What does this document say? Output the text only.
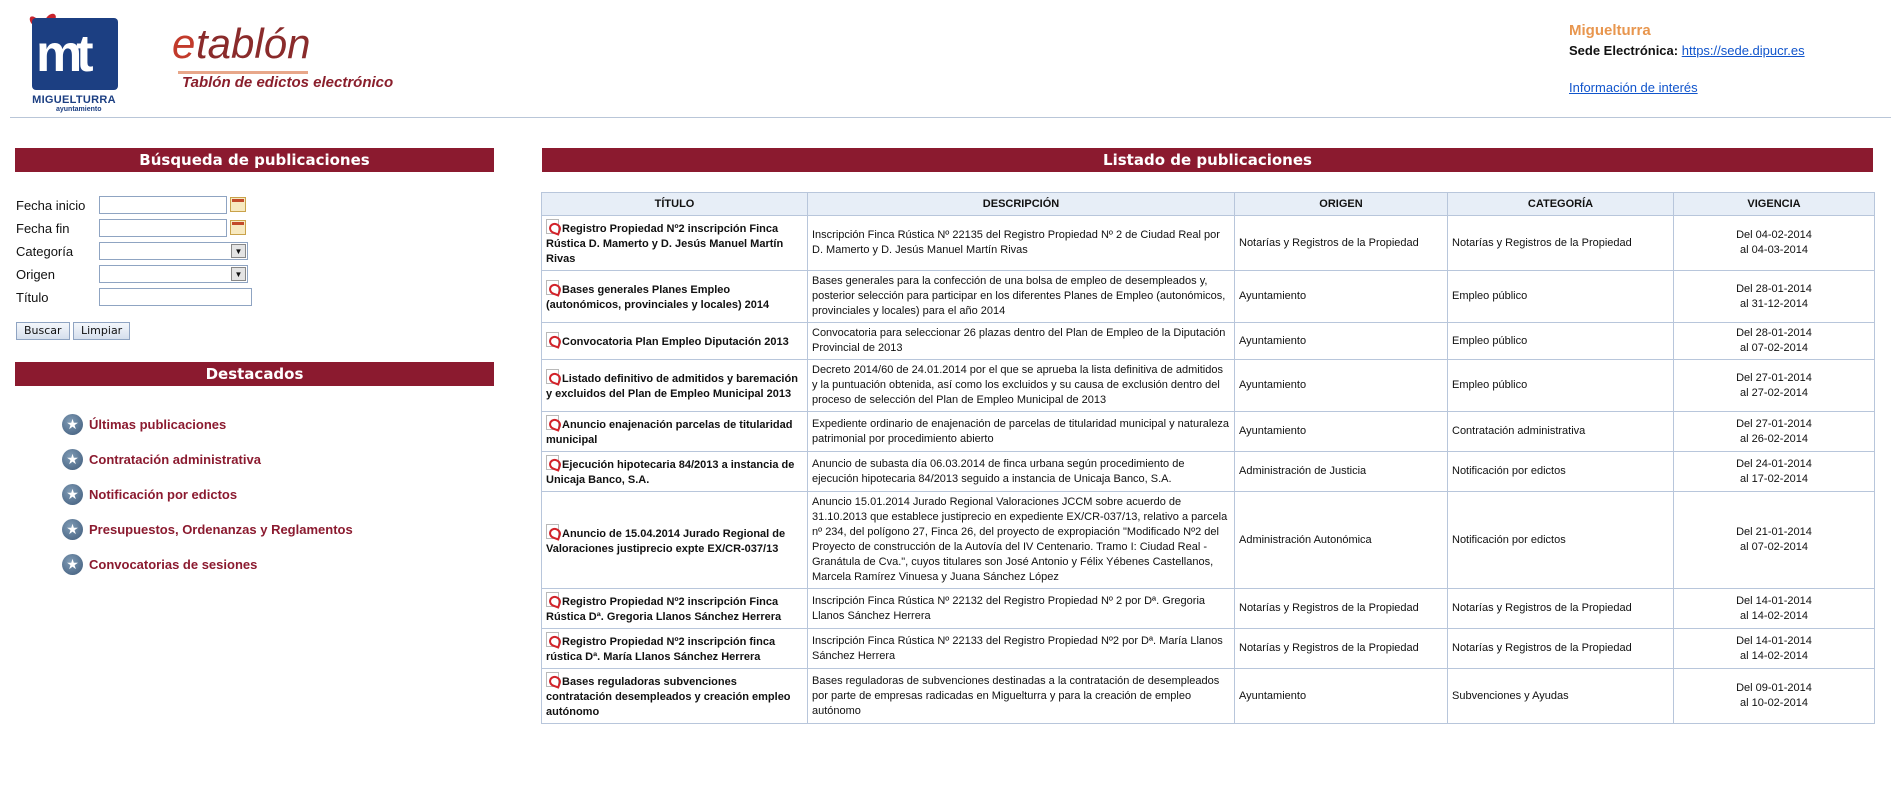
mt
MIGUELTURRA
ayuntamiento
e tablón
Tablón de edictos electrónico
Miguelturra
Sede Electrónica: https://sede.dipucr.es
Información de interés
Búsqueda de publicaciones
Fecha inicio
Fecha fin
Categoría	▼
Origen	▼
Título
Buscar	Limpiar
Destacados
★ Últimas publicaciones
★ Contratación administrativa
★ Notificación por edictos
★ Presupuestos, Ordenanzas y Reglamentos
★ Convocatorias de sesiones
Listado de publicaciones
TÍTULO	DESCRIPCIÓN	ORIGEN	CATEGORÍA	VIGENCIA
Registro Propiedad Nº2 inscripción Finca Rústica D. Mamerto y D. Jesús Manuel Martín Rivas	Inscripción Finca Rústica Nº 22135 del Registro Propiedad Nº 2 de Ciudad Real por D. Mamerto y D. Jesús Manuel Martín Rivas	Notarías y Registros de la Propiedad	Notarías y Registros de la Propiedad	Del 04-02-2014
al 04-03-2014

Bases generales Planes Empleo (autonómicos, provinciales y locales) 2014	Bases generales para la confección de una bolsa de empleo de desempleados y, posterior selección para participar en los diferentes Planes de Empleo (autonómicos, provinciales y locales) para el año 2014	Ayuntamiento	Empleo público	Del 28-01-2014
al 31-12-2014

Convocatoria Plan Empleo Diputación 2013	Convocatoria para seleccionar 26 plazas dentro del Plan de Empleo de la Diputación Provincial de 2013	Ayuntamiento	Empleo público	Del 28-01-2014
al 07-02-2014

Listado definitivo de admitidos y baremación y excluidos del Plan de Empleo Municipal 2013	Decreto 2014/60 de 24.01.2014 por el que se aprueba la lista definitiva de admitidos y la puntuación obtenida, así como los excluidos y su causa de exclusión dentro del proceso de selección del Plan de Empleo Municipal de 2013	Ayuntamiento	Empleo público	Del 27-01-2014
al 27-02-2014

Anuncio enajenación parcelas de titularidad municipal	Expediente ordinario de enajenación de parcelas de titularidad municipal y naturaleza patrimonial por procedimiento abierto	Ayuntamiento	Contratación administrativa	Del 27-01-2014
al 26-02-2014

Ejecución hipotecaria 84/2013 a instancia de Unicaja Banco, S.A.	Anuncio de subasta día 06.03.2014 de finca urbana según procedimiento de ejecución hipotecaria 84/2013 seguido a instancia de Unicaja Banco, S.A.	Administración de Justicia	Notificación por edictos	Del 24-01-2014
al 17-02-2014

Anuncio de 15.04.2014 Jurado Regional de Valoraciones justiprecio expte EX/CR-037/13	Anuncio 15.01.2014 Jurado Regional Valoraciones JCCM sobre acuerdo de 31.10.2013 que establece justiprecio en expediente EX/CR-037/13, relativo a parcela nº 234, del polígono 27, Finca 26, del proyecto de expropiación "Modificado Nº2 del Proyecto de construcción de la Autovía del IV Centenario. Tramo I: Ciudad Real - Granátula de Cva.", cuyos titulares son José Antonio y Félix Yébenes Castellanos, Marcela Ramírez Vinuesa y Juana Sánchez López	Administración Autonómica	Notificación por edictos	Del 21-01-2014
al 07-02-2014

Registro Propiedad Nº2 inscripción Finca Rústica Dª. Gregoria Llanos Sánchez Herrera	Inscripción Finca Rústica Nº 22132 del Registro Propiedad Nº 2 por Dª. Gregoria Llanos Sánchez Herrera	Notarías y Registros de la Propiedad	Notarías y Registros de la Propiedad	Del 14-01-2014
al 14-02-2014

Registro Propiedad Nº2 inscripción finca rústica Dª. María Llanos Sánchez Herrera	Inscripción Finca Rústica Nº 22133 del Registro Propiedad Nº2 por Dª. María Llanos Sánchez Herrera	Notarías y Registros de la Propiedad	Notarías y Registros de la Propiedad	Del 14-01-2014
al 14-02-2014

Bases reguladoras subvenciones contratación desempleados y creación empleo autónomo	Bases reguladoras de subvenciones destinadas a la contratación de desempleados por parte de empresas radicadas en Miguelturra y para la creación de empleo autónomo	Ayuntamiento	Subvenciones y Ayudas	Del 09-01-2014
al 10-02-2014
